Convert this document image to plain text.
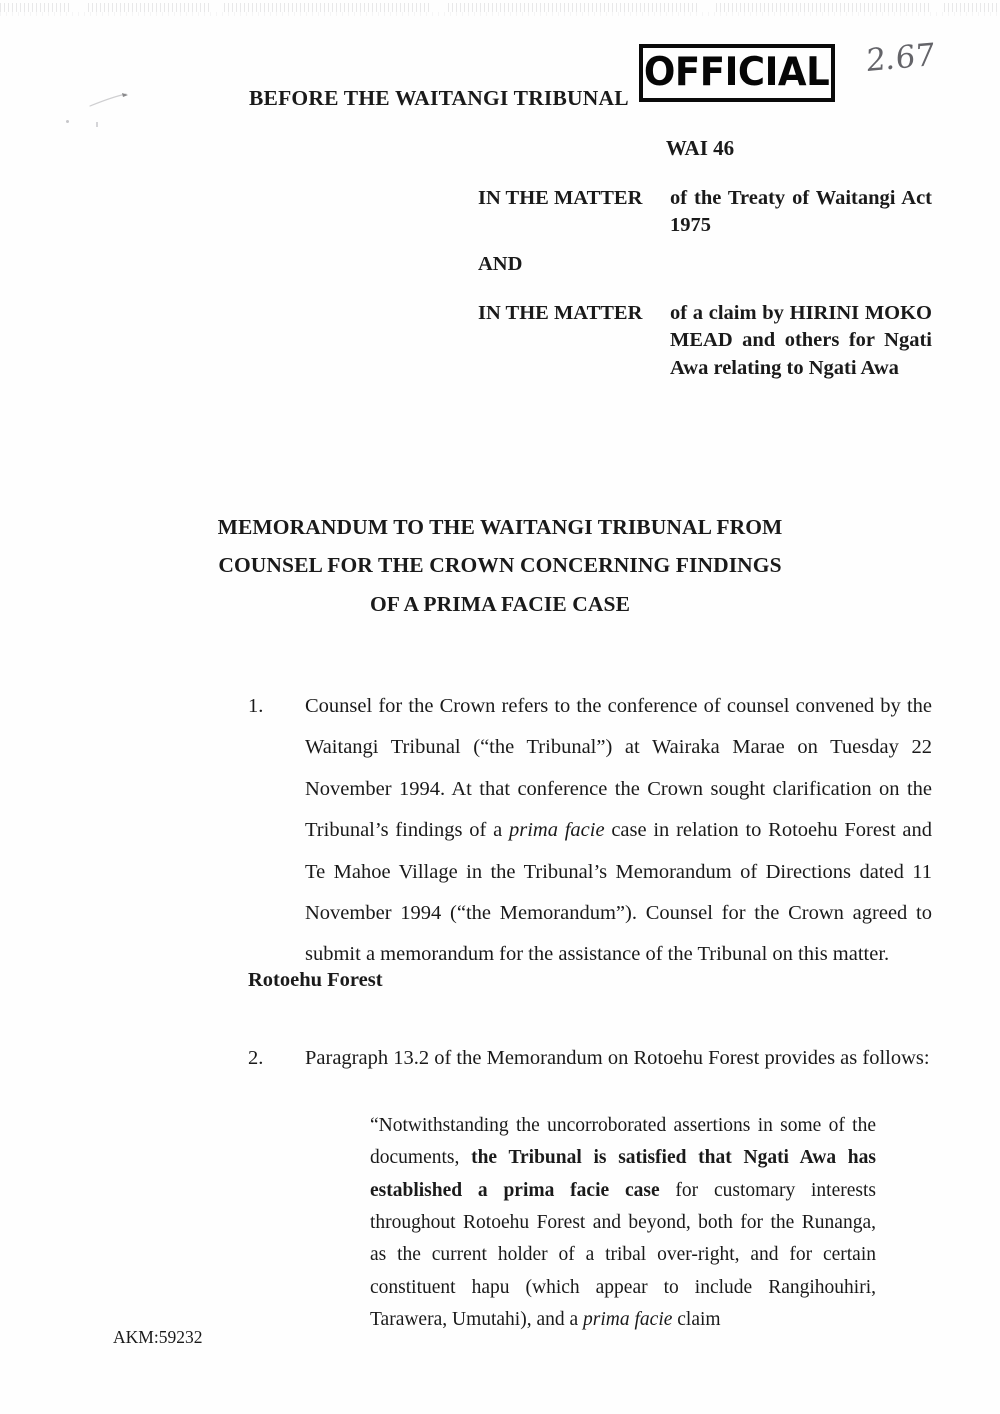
BEFORE THE WAITANGI TRIBUNAL
OFFICIAL 2.67
WAI 46
IN THE MATTER of the Treaty of Waitangi Act 1975
AND
IN THE MATTER of a claim by HIRINI MOKO MEAD and others for Ngati Awa relating to Ngati Awa
MEMORANDUM TO THE WAITANGI TRIBUNAL FROM
COUNSEL FOR THE CROWN CONCERNING FINDINGS
OF A PRIMA FACIE CASE
1. Counsel for the Crown refers to the conference of counsel convened by the Waitangi Tribunal (“the Tribunal”) at Wairaka Marae on Tuesday 22 November 1994. At that conference the Crown sought clarification on the Tribunal’s findings of a prima facie case in relation to Rotoehu Forest and Te Mahoe Village in the Tribunal’s Memorandum of Directions dated 11 November 1994 (“the Memorandum”). Counsel for the Crown agreed to submit a memorandum for the assistance of the Tribunal on this matter.
Rotoehu Forest
2. Paragraph 13.2 of the Memorandum on Rotoehu Forest provides as follows:
“Notwithstanding the uncorroborated assertions in some of the documents, the Tribunal is satisfied that Ngati Awa has established a prima facie case for customary interests throughout Rotoehu Forest and beyond, both for the Runanga, as the current holder of a tribal over-right, and for certain constituent hapu (which appear to include Rangihouhiri, Tarawera, Umutahi), and a prima facie claim
AKM:59232
